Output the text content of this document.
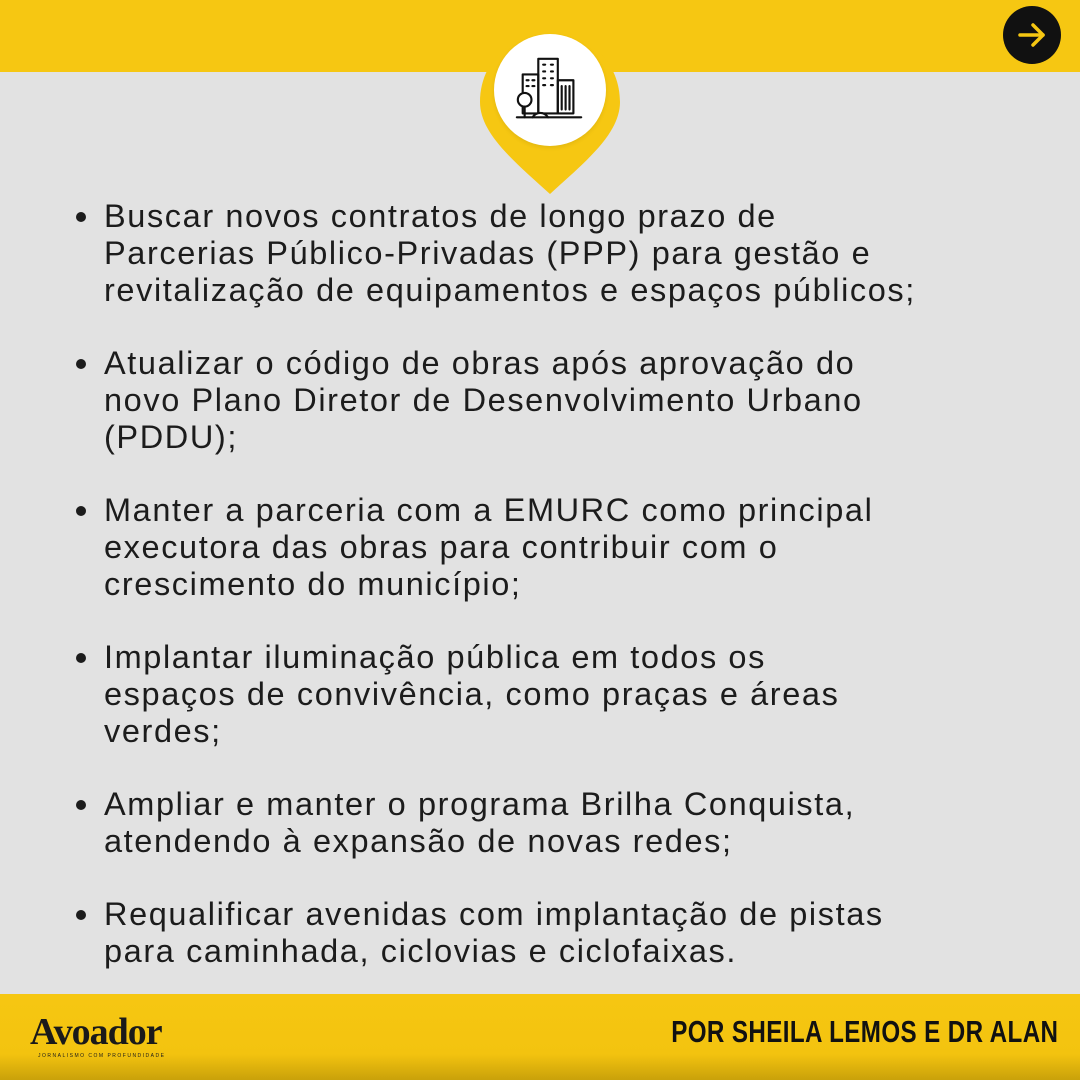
Buscar novos contratos de longo prazo de
Parcerias Público-Privadas (PPP) para gestão e
revitalização de equipamentos e espaços públicos;
Atualizar o código de obras após aprovação do
novo Plano Diretor de Desenvolvimento Urbano
(PDDU);
Manter a parceria com a EMURC como principal
executora das obras para contribuir com o
crescimento do município;
Implantar iluminação pública em todos os
espaços de convivência, como praças e áreas
verdes;
Ampliar e manter o programa Brilha Conquista,
atendendo à expansão de novas redes;
Requalificar avenidas com implantação de pistas
para caminhada, ciclovias e ciclofaixas.
Avoador
JORNALISMO COM PROFUNDIDADE
POR SHEILA LEMOS E DR ALAN
